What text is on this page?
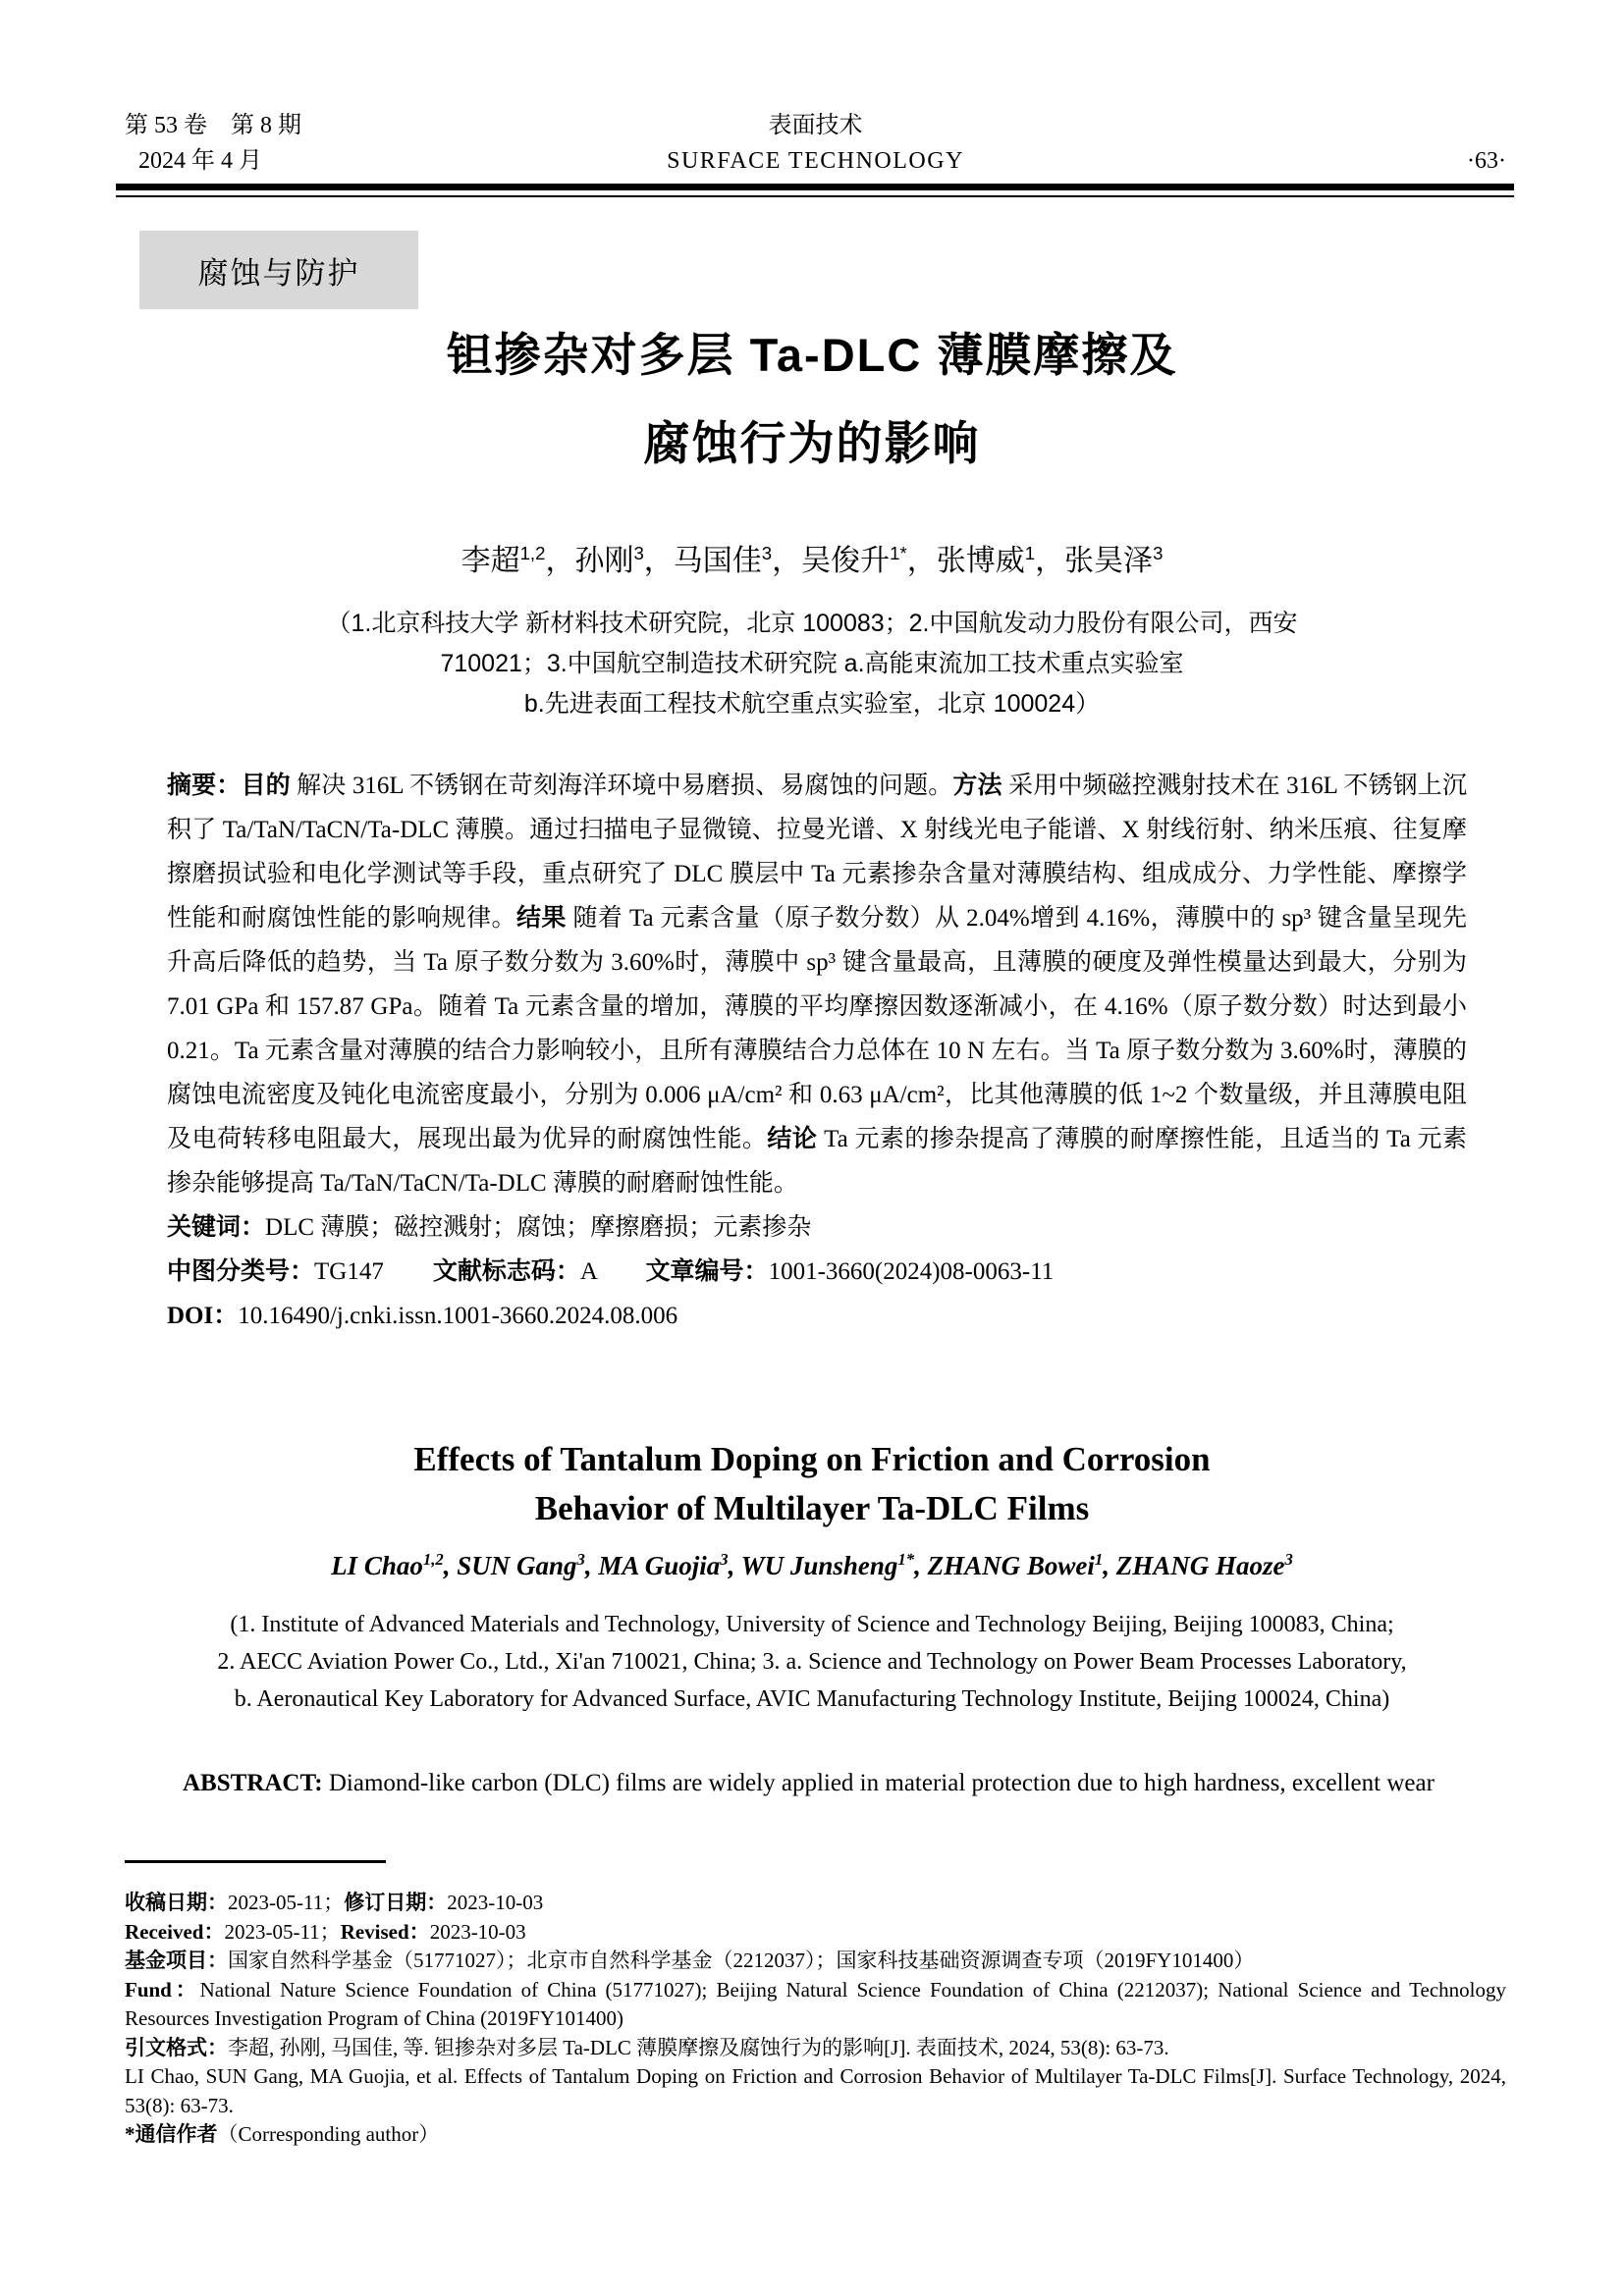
第 53 卷　第 8 期
2024 年 4 月
表面技术
SURFACE TECHNOLOGY	·63·
腐蚀与防护
钽掺杂对多层 Ta-DLC 薄膜摩擦及
腐蚀行为的影响
李超$^{1,2}$，孙刚$^3$，马国佳$^3$，吴俊升$^{1*}$，张博威$^1$，张昊泽$^3$
（1.北京科技大学 新材料技术研究院，北京 100083；2.中国航发动力股份有限公司，西安
710021；3.中国航空制造技术研究院 a.高能束流加工技术重点实验室
b.先进表面工程技术航空重点实验室，北京 100024）

摘要：目的 解决 316L 不锈钢在苛刻海洋环境中易磨损、易腐蚀的问题。方法 采用中频磁控溅射技术在 316L 不锈钢上沉积了 Ta/TaN/TaCN/Ta-DLC 薄膜。通过扫描电子显微镜、拉曼光谱、X 射线光电子能谱、X 射线衍射、纳米压痕、往复摩擦磨损试验和电化学测试等手段，重点研究了 DLC 膜层中 Ta 元素掺杂含量对薄膜结构、组成成分、力学性能、摩擦学性能和耐腐蚀性能的影响规律。结果 随着 Ta 元素含量（原子数分数）从 2.04%增到 4.16%，薄膜中的 sp³ 键含量呈现先升高后降低的趋势，当 Ta 原子数分数为 3.60%时，薄膜中 sp³ 键含量最高，且薄膜的硬度及弹性模量达到最大，分别为 7.01 GPa 和 157.87 GPa。随着 Ta 元素含量的增加，薄膜的平均摩擦因数逐渐减小，在 4.16%（原子数分数）时达到最小 0.21。Ta 元素含量对薄膜的结合力影响较小，且所有薄膜结合力总体在 10 N 左右。当 Ta 原子数分数为 3.60%时，薄膜的腐蚀电流密度及钝化电流密度最小，分别为 0.006 μA/cm² 和 0.63 μA/cm²，比其他薄膜的低 1~2 个数量级，并且薄膜电阻及电荷转移电阻最大，展现出最为优异的耐腐蚀性能。结论 Ta 元素的掺杂提高了薄膜的耐摩擦性能，且适当的 Ta 元素掺杂能够提高 Ta/TaN/TaCN/Ta-DLC 薄膜的耐磨耐蚀性能。

关键词：DLC 薄膜；磁控溅射；腐蚀；摩擦磨损；元素掺杂

中图分类号：TG147　　文献标志码：A　　文章编号：1001-3660(2024)08-0063-11

DOI：10.16490/j.cnki.issn.1001-3660.2024.08.006

Effects of Tantalum Doping on Friction and Corrosion
Behavior of Multilayer Ta-DLC Films
LI Chao$^{1,2}$, SUN Gang$^3$, MA Guojia$^3$, WU Junsheng$^{1*}$, ZHANG Bowei$^1$, ZHANG Haoze$^3$
(1. Institute of Advanced Materials and Technology, University of Science and Technology Beijing, Beijing 100083, China;
2. AECC Aviation Power Co., Ltd., Xi'an 710021, China; 3. a. Science and Technology on Power Beam Processes Laboratory,
b. Aeronautical Key Laboratory for Advanced Surface, AVIC Manufacturing Technology Institute, Beijing 100024, China)

ABSTRACT: Diamond-like carbon (DLC) films are widely applied in material protection due to high hardness, excellent wear

收稿日期：2023-05-11；修订日期：2023-10-03

Received：2023-05-11；Revised：2023-10-03

基金项目：国家自然科学基金（51771027）；北京市自然科学基金（2212037）；国家科技基础资源调查专项（2019FY101400）

Fund：National Nature Science Foundation of China (51771027); Beijing Natural Science Foundation of China (2212037); National Science and Technology Resources Investigation Program of China (2019FY101400)

引文格式：李超, 孙刚, 马国佳, 等. 钽掺杂对多层 Ta-DLC 薄膜摩擦及腐蚀行为的影响[J]. 表面技术, 2024, 53(8): 63-73.

LI Chao, SUN Gang, MA Guojia, et al. Effects of Tantalum Doping on Friction and Corrosion Behavior of Multilayer Ta-DLC Films[J]. Surface Technology, 2024, 53(8): 63-73.

*通信作者（Corresponding author）
